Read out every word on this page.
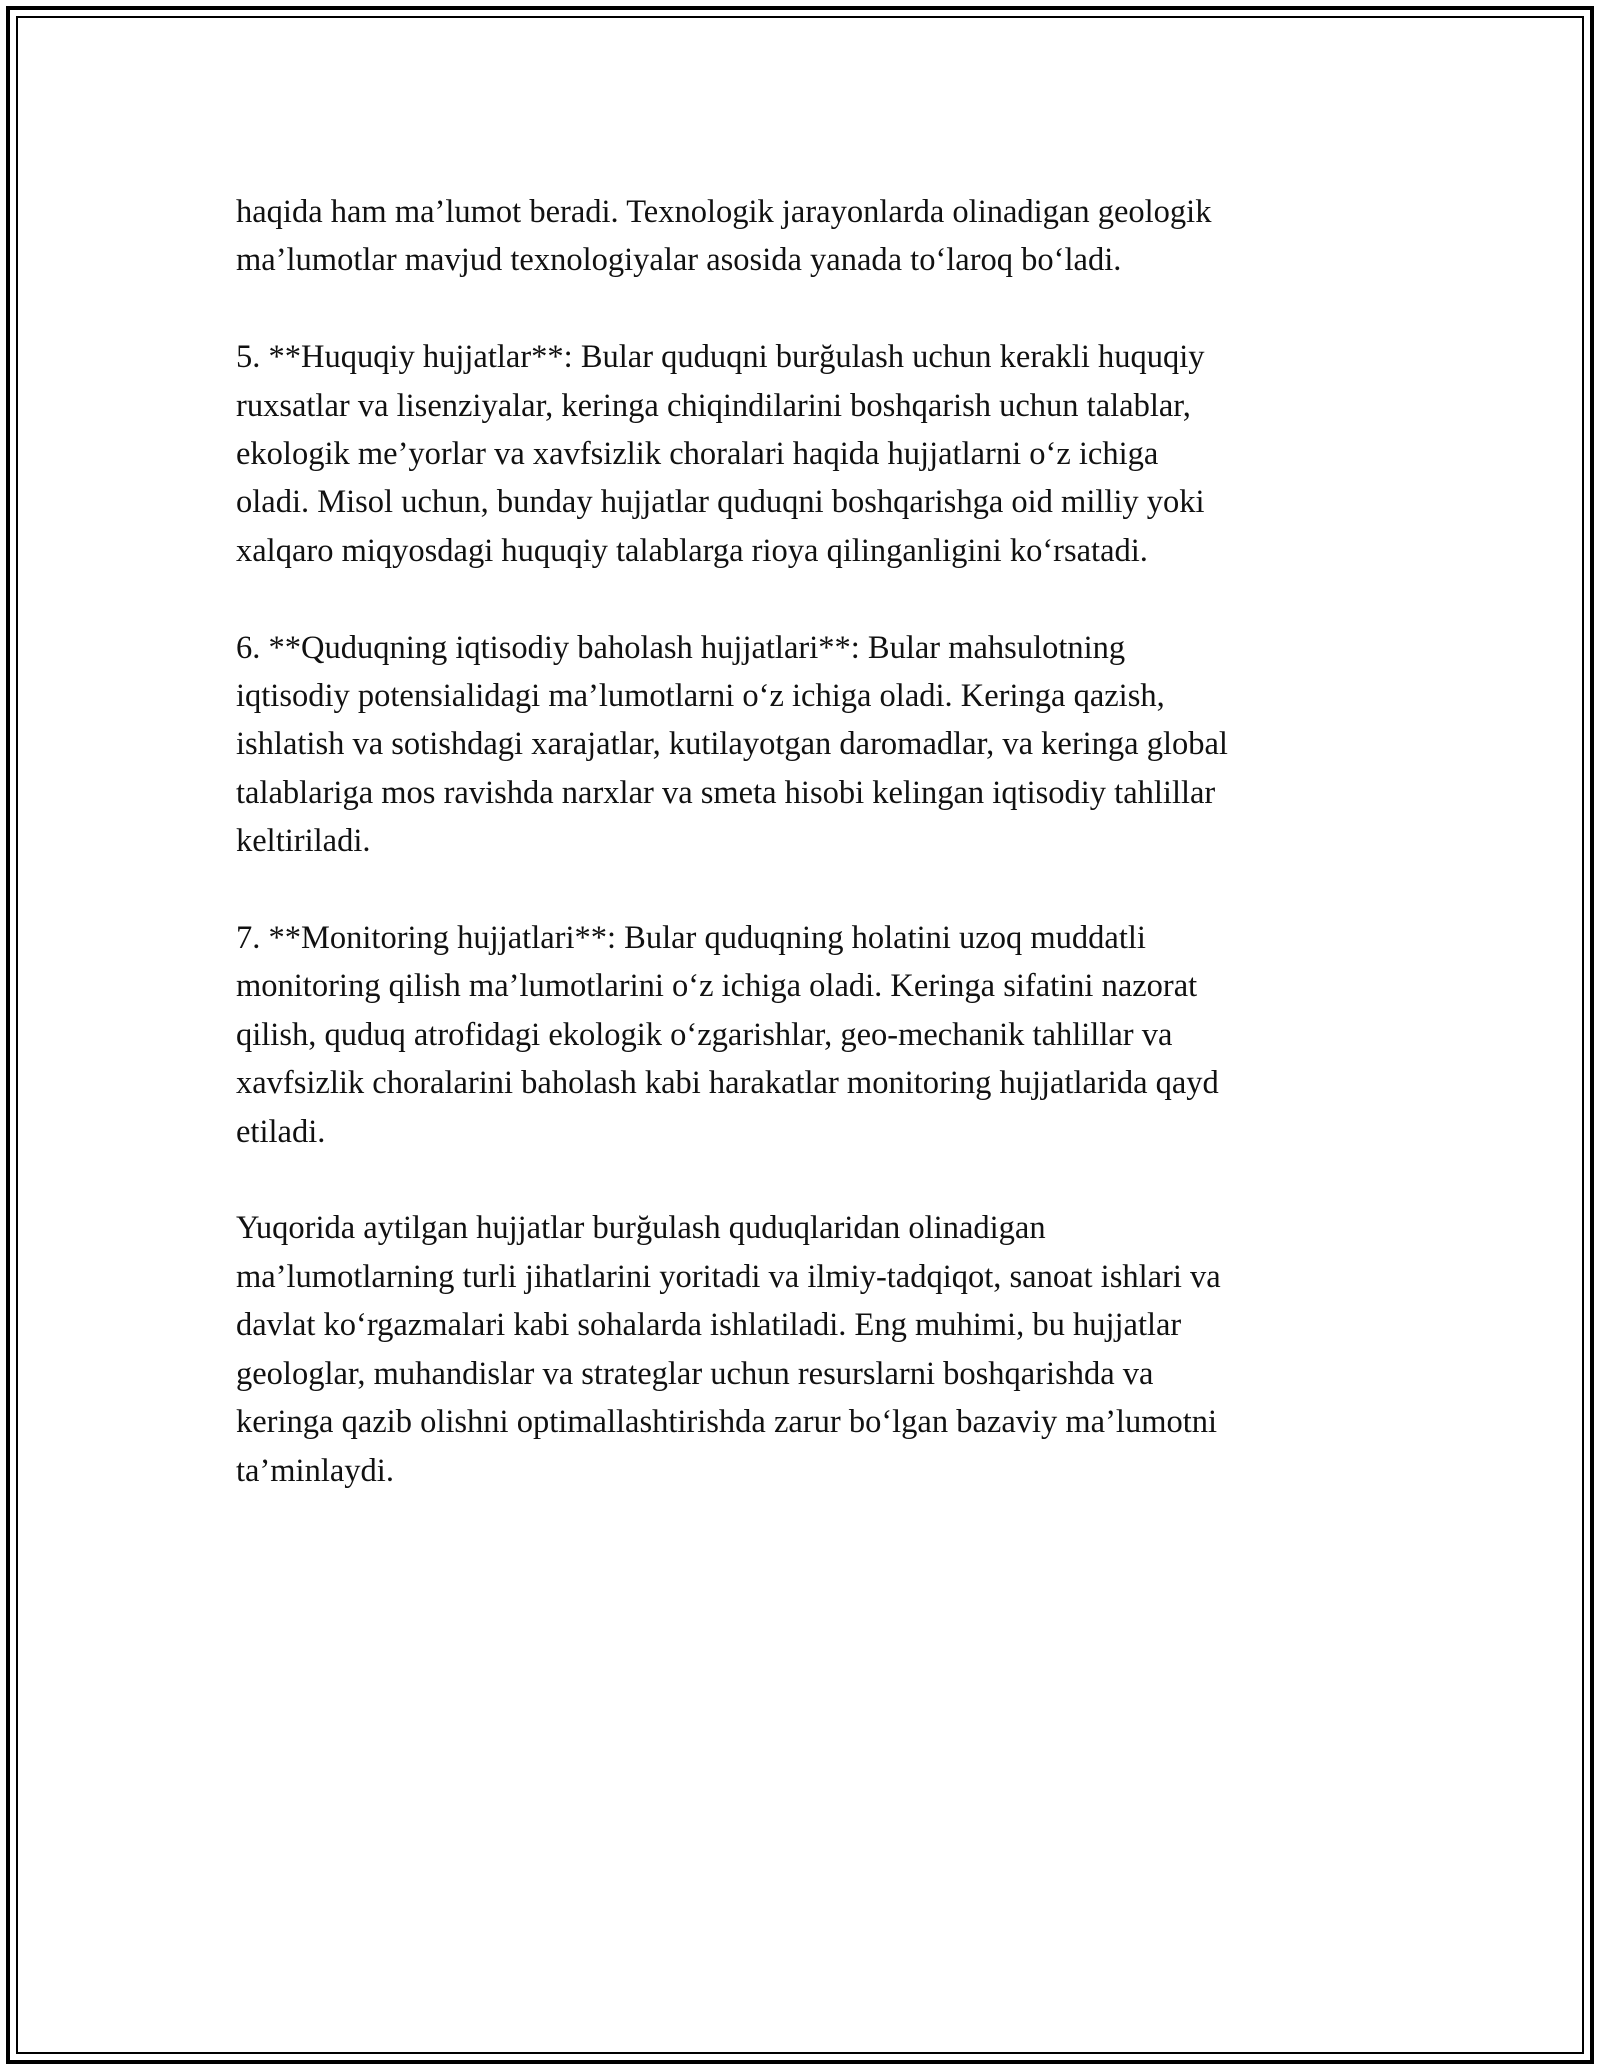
haqida ham ma’lumot beradi. Texnologik jarayonlarda olinadigan geologik
ma’lumotlar mavjud texnologiyalar asosida yanada to‘laroq bo‘ladi.

5. **Huquqiy hujjatlar**: Bular quduqni burğulash uchun kerakli huquqiy
ruxsatlar va lisenziyalar, keringa chiqindilarini boshqarish uchun talablar,
ekologik me’yorlar va xavfsizlik choralari haqida hujjatlarni o‘z ichiga
oladi. Misol uchun, bunday hujjatlar quduqni boshqarishga oid milliy yoki
xalqaro miqyosdagi huquqiy talablarga rioya qilinganligini ko‘rsatadi.

6. **Quduqning iqtisodiy baholash hujjatlari**: Bular mahsulotning
iqtisodiy potensialidagi ma’lumotlarni o‘z ichiga oladi. Keringa qazish,
ishlatish va sotishdagi xarajatlar, kutilayotgan daromadlar, va keringa global
talablariga mos ravishda narxlar va smeta hisobi kelingan iqtisodiy tahlillar
keltiriladi.

7. **Monitoring hujjatlari**: Bular quduqning holatini uzoq muddatli
monitoring qilish ma’lumotlarini o‘z ichiga oladi. Keringa sifatini nazorat
qilish, quduq atrofidagi ekologik o‘zgarishlar, geo-mechanik tahlillar va
xavfsizlik choralarini baholash kabi harakatlar monitoring hujjatlarida qayd
etiladi.

Yuqorida aytilgan hujjatlar burğulash quduqlaridan olinadigan
ma’lumotlarning turli jihatlarini yoritadi va ilmiy-tadqiqot, sanoat ishlari va
davlat ko‘rgazmalari kabi sohalarda ishlatiladi. Eng muhimi, bu hujjatlar
geologlar, muhandislar va strateglar uchun resurslarni boshqarishda va
keringa qazib olishni optimallashtirishda zarur bo‘lgan bazaviy ma’lumotni
ta’minlaydi.
